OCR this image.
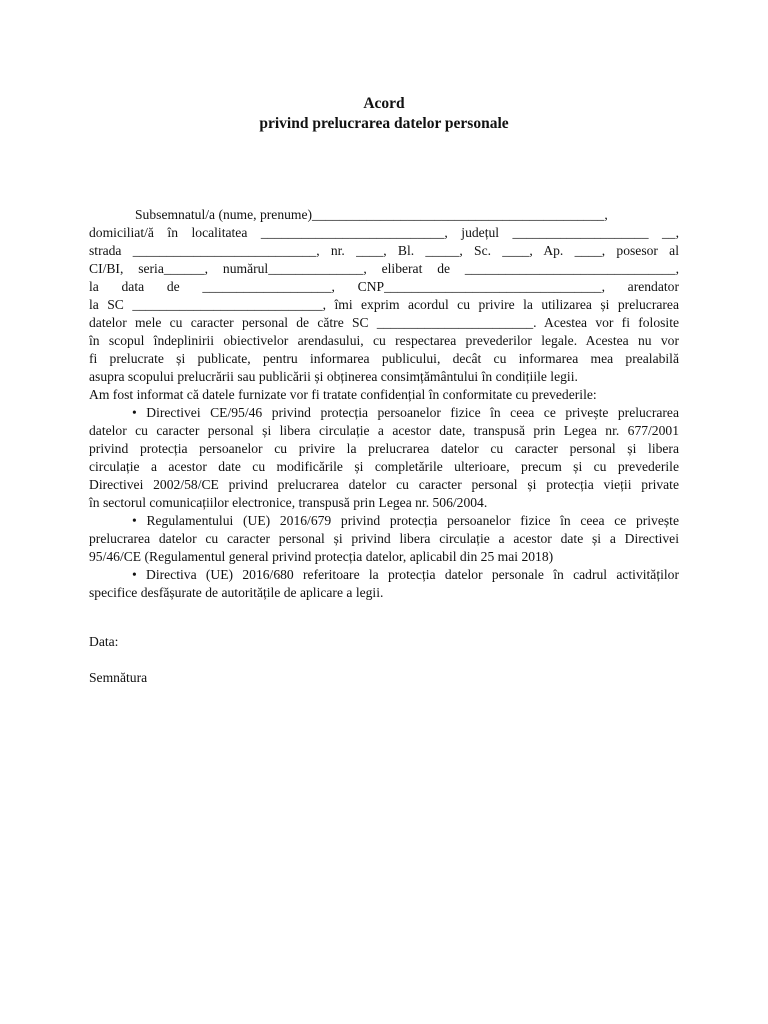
Acord
privind prelucrarea datelor personale
Subsemnatul/a (nume, prenume)___________________________________________,
domiciliat/ă în localitatea ___________________________, județul ____________________ __,
strada ___________________________, nr. ____, Bl. _____, Sc. ____, Ap. ____, posesor al
CI/BI, seria______, numărul______________, eliberat de _______________________________,
la data de ___________________, CNP________________________________, arendator
la SC ____________________________, îmi exprim acordul cu privire la utilizarea și prelucrarea
datelor mele cu caracter personal de către SC _______________________. Acestea vor fi folosite
în scopul îndeplinirii obiectivelor arendasului, cu respectarea prevederilor legale. Acestea nu vor
fi prelucrate și publicate, pentru informarea publicului, decât cu informarea mea prealabilă
asupra scopului prelucrării sau publicării și obținerea consimțământului în condițiile legii.
Am fost informat că datele furnizate vor fi tratate confidențial în conformitate cu prevederile:
• Directivei CE/95/46 privind protecția persoanelor fizice în ceea ce privește prelucrarea
datelor cu caracter personal și libera circulație a acestor date, transpusă prin Legea nr. 677/2001
privind protecția persoanelor cu privire la prelucrarea datelor cu caracter personal și libera
circulație a acestor date cu modificările și completările ulterioare, precum și cu prevederile
Directivei 2002/58/CE privind prelucrarea datelor cu caracter personal și protecția vieții private
în sectorul comunicațiilor electronice, transpusă prin Legea nr. 506/2004.
• Regulamentului (UE) 2016/679 privind protecția persoanelor fizice în ceea ce privește
prelucrarea datelor cu caracter personal și privind libera circulație a acestor date și a Directivei
95/46/CE (Regulamentul general privind protecția datelor, aplicabil din 25 mai 2018)
• Directiva (UE) 2016/680 referitoare la protecția datelor personale în cadrul activităților
specifice desfășurate de autoritățile de aplicare a legii.
Data:
Semnătura
